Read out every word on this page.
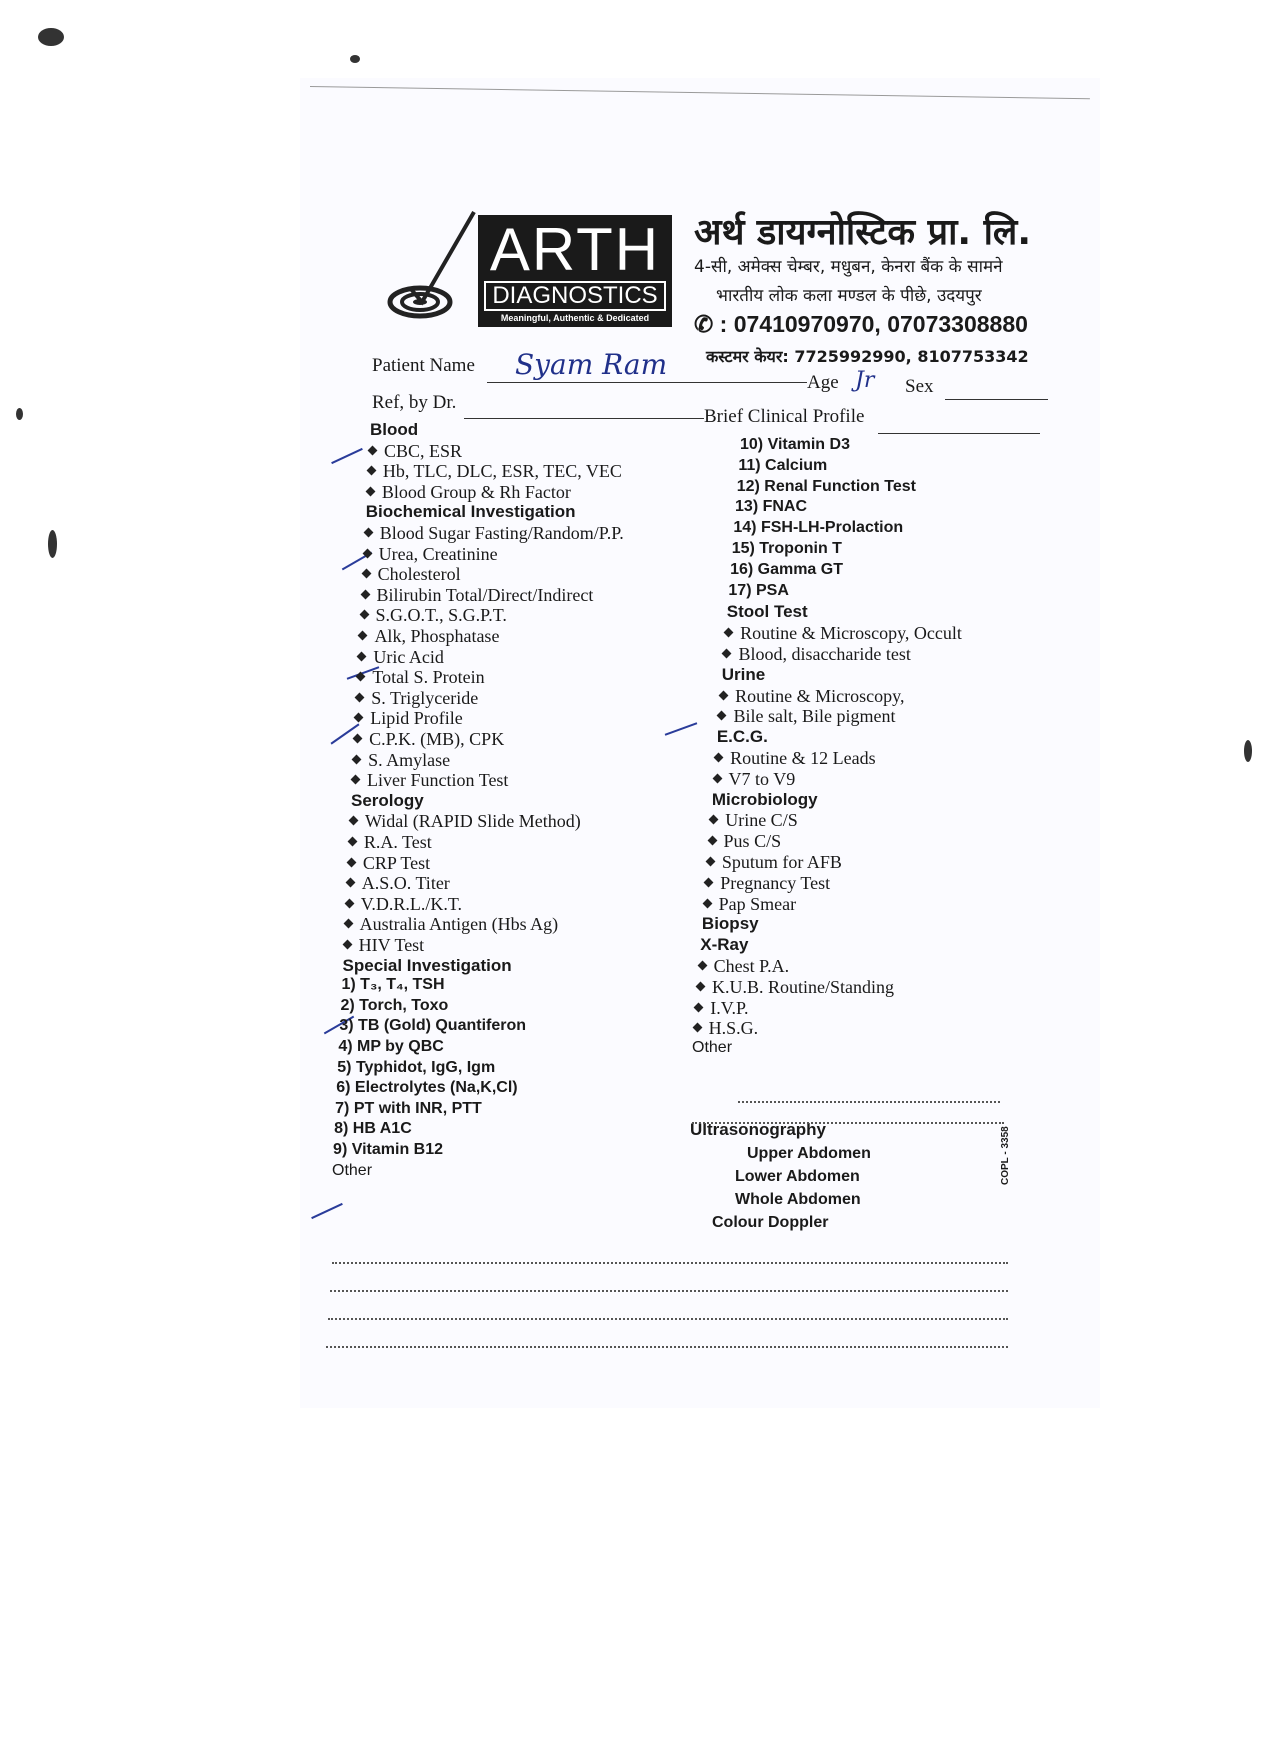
ARTH
DIAGNOSTICS
Meaningful, Authentic & Dedicated
अर्थ डायग्नोस्टिक प्रा. लि.
4-सी, अमेक्स चेम्बर, मधुबन, केनरा बैंक के सामने
भारतीय लोक कला मण्डल के पीछे, उदयपुर
✆ : 07410970970, 07073308880
कस्टमर केयर: 7725992990, 8107753342
Patient Name Syam Ram
Age Jr Sex
Ref, by Dr.
Brief Clinical Profile
Ultrasonography
Upper Abdomen
Lower Abdomen
Whole Abdomen
Colour Doppler
COPL - 3358
Blood
CBC, ESR
Hb, TLC, DLC, ESR, TEC, VEC
Blood Group & Rh Factor
Biochemical Investigation
Blood Sugar Fasting/Random/P.P.
Urea, Creatinine
Cholesterol
Bilirubin Total/Direct/Indirect
S.G.O.T., S.G.P.T.
Alk, Phosphatase
Uric Acid
Total S. Protein
S. Triglyceride
Lipid Profile
C.P.K. (MB), CPK
S. Amylase
Liver Function Test
Serology
Widal (RAPID Slide Method)
R.A. Test
CRP Test
A.S.O. Titer
V.D.R.L./K.T.
Australia Antigen (Hbs Ag)
HIV Test
Special Investigation
1) T₃, T₄, TSH
2) Torch, Toxo
3) TB (Gold) Quantiferon
4) MP by QBC
5) Typhidot, IgG, Igm
6) Electrolytes (Na,K,Cl)
7) PT with INR, PTT
8) HB A1C
9) Vitamin B12
Other
10) Vitamin D3
11) Calcium
12) Renal Function Test
13) FNAC
14) FSH-LH-Prolaction
15) Troponin T
16) Gamma GT
17) PSA
Stool Test
Routine & Microscopy, Occult
Blood, disaccharide test
Urine
Routine & Microscopy,
Bile salt, Bile pigment
E.C.G.
Routine & 12 Leads
V7 to V9
Microbiology
Urine C/S
Pus C/S
Sputum for AFB
Pregnancy Test
Pap Smear
Biopsy
X-Ray
Chest P.A.
K.U.B. Routine/Standing
I.V.P.
H.S.G.
Other
